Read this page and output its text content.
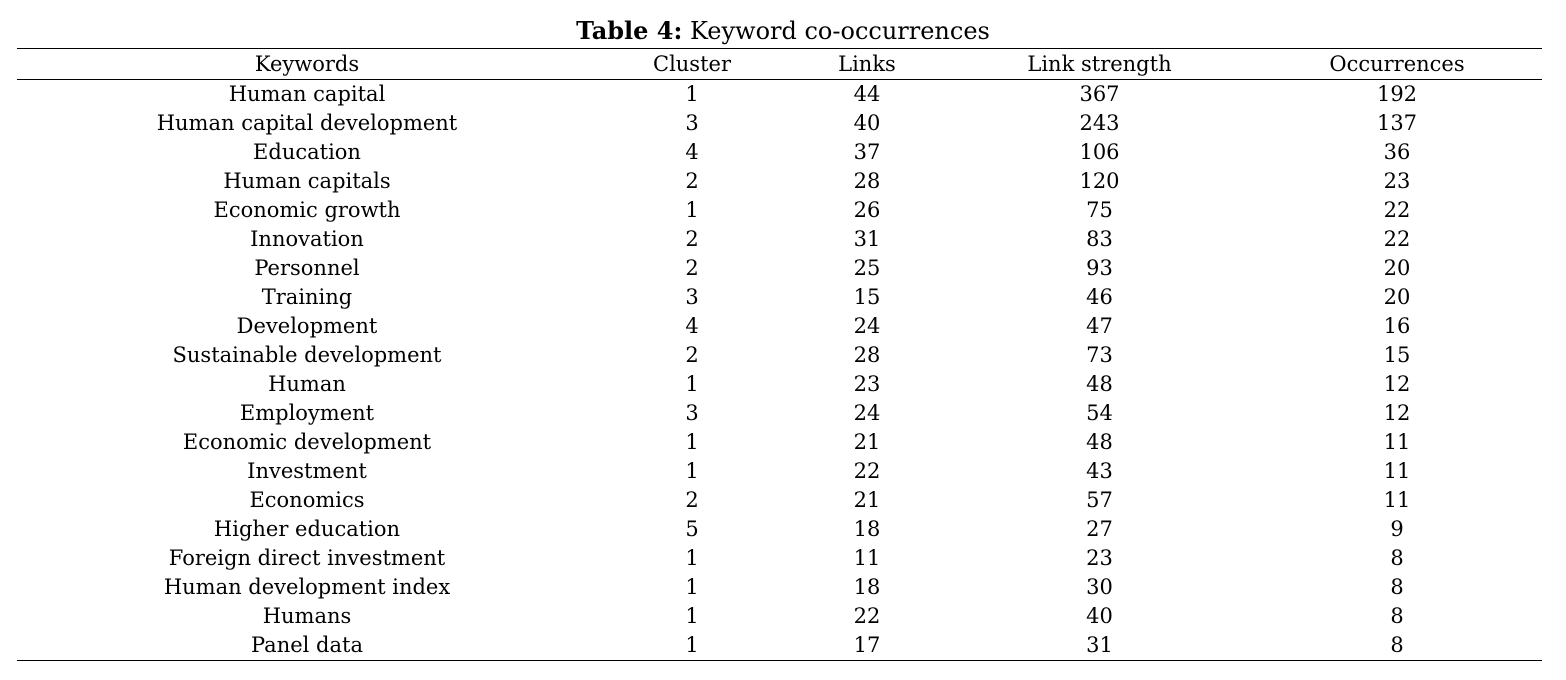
Table 4: Keyword co-occurrences
Keywords	Cluster	Links	Link strength	Occurrences
Human capital	1	44	367	192
Human capital development	3	40	243	137
Education	4	37	106	36
Human capitals	2	28	120	23
Economic growth	1	26	75	22
Innovation	2	31	83	22
Personnel	2	25	93	20
Training	3	15	46	20
Development	4	24	47	16
Sustainable development	2	28	73	15
Human	1	23	48	12
Employment	3	24	54	12
Economic development	1	21	48	11
Investment	1	22	43	11
Economics	2	21	57	11
Higher education	5	18	27	9
Foreign direct investment	1	11	23	8
Human development index	1	18	30	8
Humans	1	22	40	8
Panel data	1	17	31	8
